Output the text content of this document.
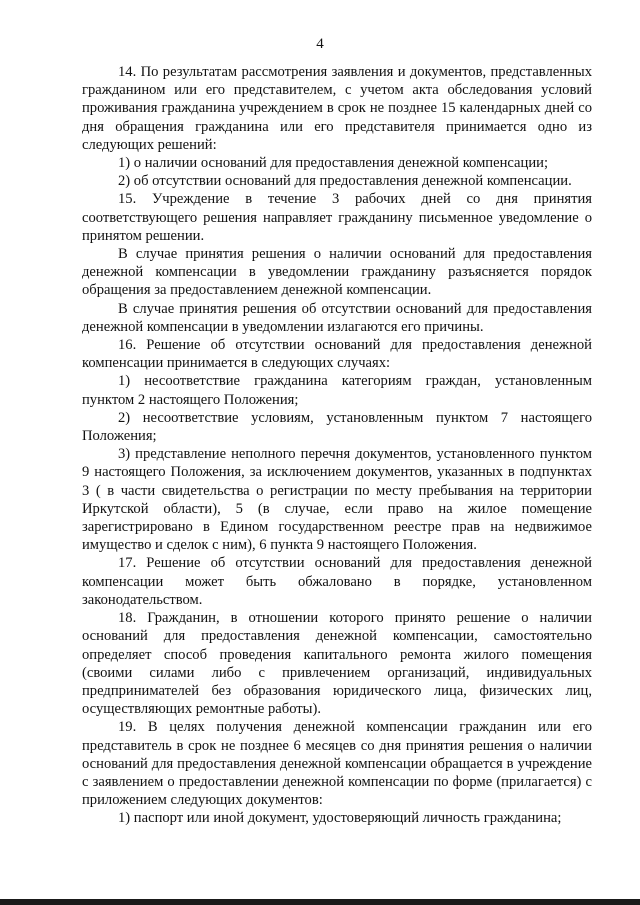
4

14. По результатам рассмотрения заявления и документов, представленных гражданином или его представителем, с учетом акта обследования условий проживания гражданина учреждением в срок не позднее 15 календарных дней со дня обращения гражданина или его представителя принимается одно из следующих решений:

1) о наличии оснований для предоставления денежной компенсации;

2) об отсутствии оснований для предоставления денежной компенсации.

15. Учреждение в течение 3 рабочих дней со дня принятия соответствующего решения направляет гражданину письменное уведомление о принятом решении.

В случае принятия решения о наличии оснований для предоставления денежной компенсации в уведомлении гражданину разъясняется порядок обращения за предоставлением денежной компенсации.

В случае принятия решения об отсутствии оснований для предоставления денежной компенсации в уведомлении излагаются его причины.

16. Решение об отсутствии оснований для предоставления денежной компенсации принимается в следующих случаях:

1) несоответствие гражданина категориям граждан, установленным пунктом 2 настоящего Положения;

2) несоответствие условиям, установленным пунктом 7 настоящего Положения;

3) представление неполного перечня документов, установленного пунктом 9 настоящего Положения, за исключением документов, указанных в подпунктах 3 ( в части свидетельства о регистрации по месту пребывания на территории Иркутской области), 5 (в случае, если право на жилое помещение зарегистрировано в Едином государственном реестре прав на недвижимое имущество и сделок с ним), 6 пункта 9 настоящего Положения.

17. Решение об отсутствии оснований для предоставления денежной компенсации может быть обжаловано в порядке, установленном законодательством.

18. Гражданин, в отношении которого принято решение о наличии оснований для предоставления денежной компенсации, самостоятельно определяет способ проведения капитального ремонта жилого помещения (своими силами либо с привлечением организаций, индивидуальных предпринимателей без образования юридического лица, физических лиц, осуществляющих ремонтные работы).

19. В целях получения денежной компенсации гражданин или его представитель в срок не позднее 6 месяцев со дня принятия решения о наличии оснований для предоставления денежной компенсации обращается в учреждение с заявлением о предоставлении денежной компенсации по форме (прилагается) с приложением следующих документов:

1) паспорт или иной документ, удостоверяющий личность гражданина;
